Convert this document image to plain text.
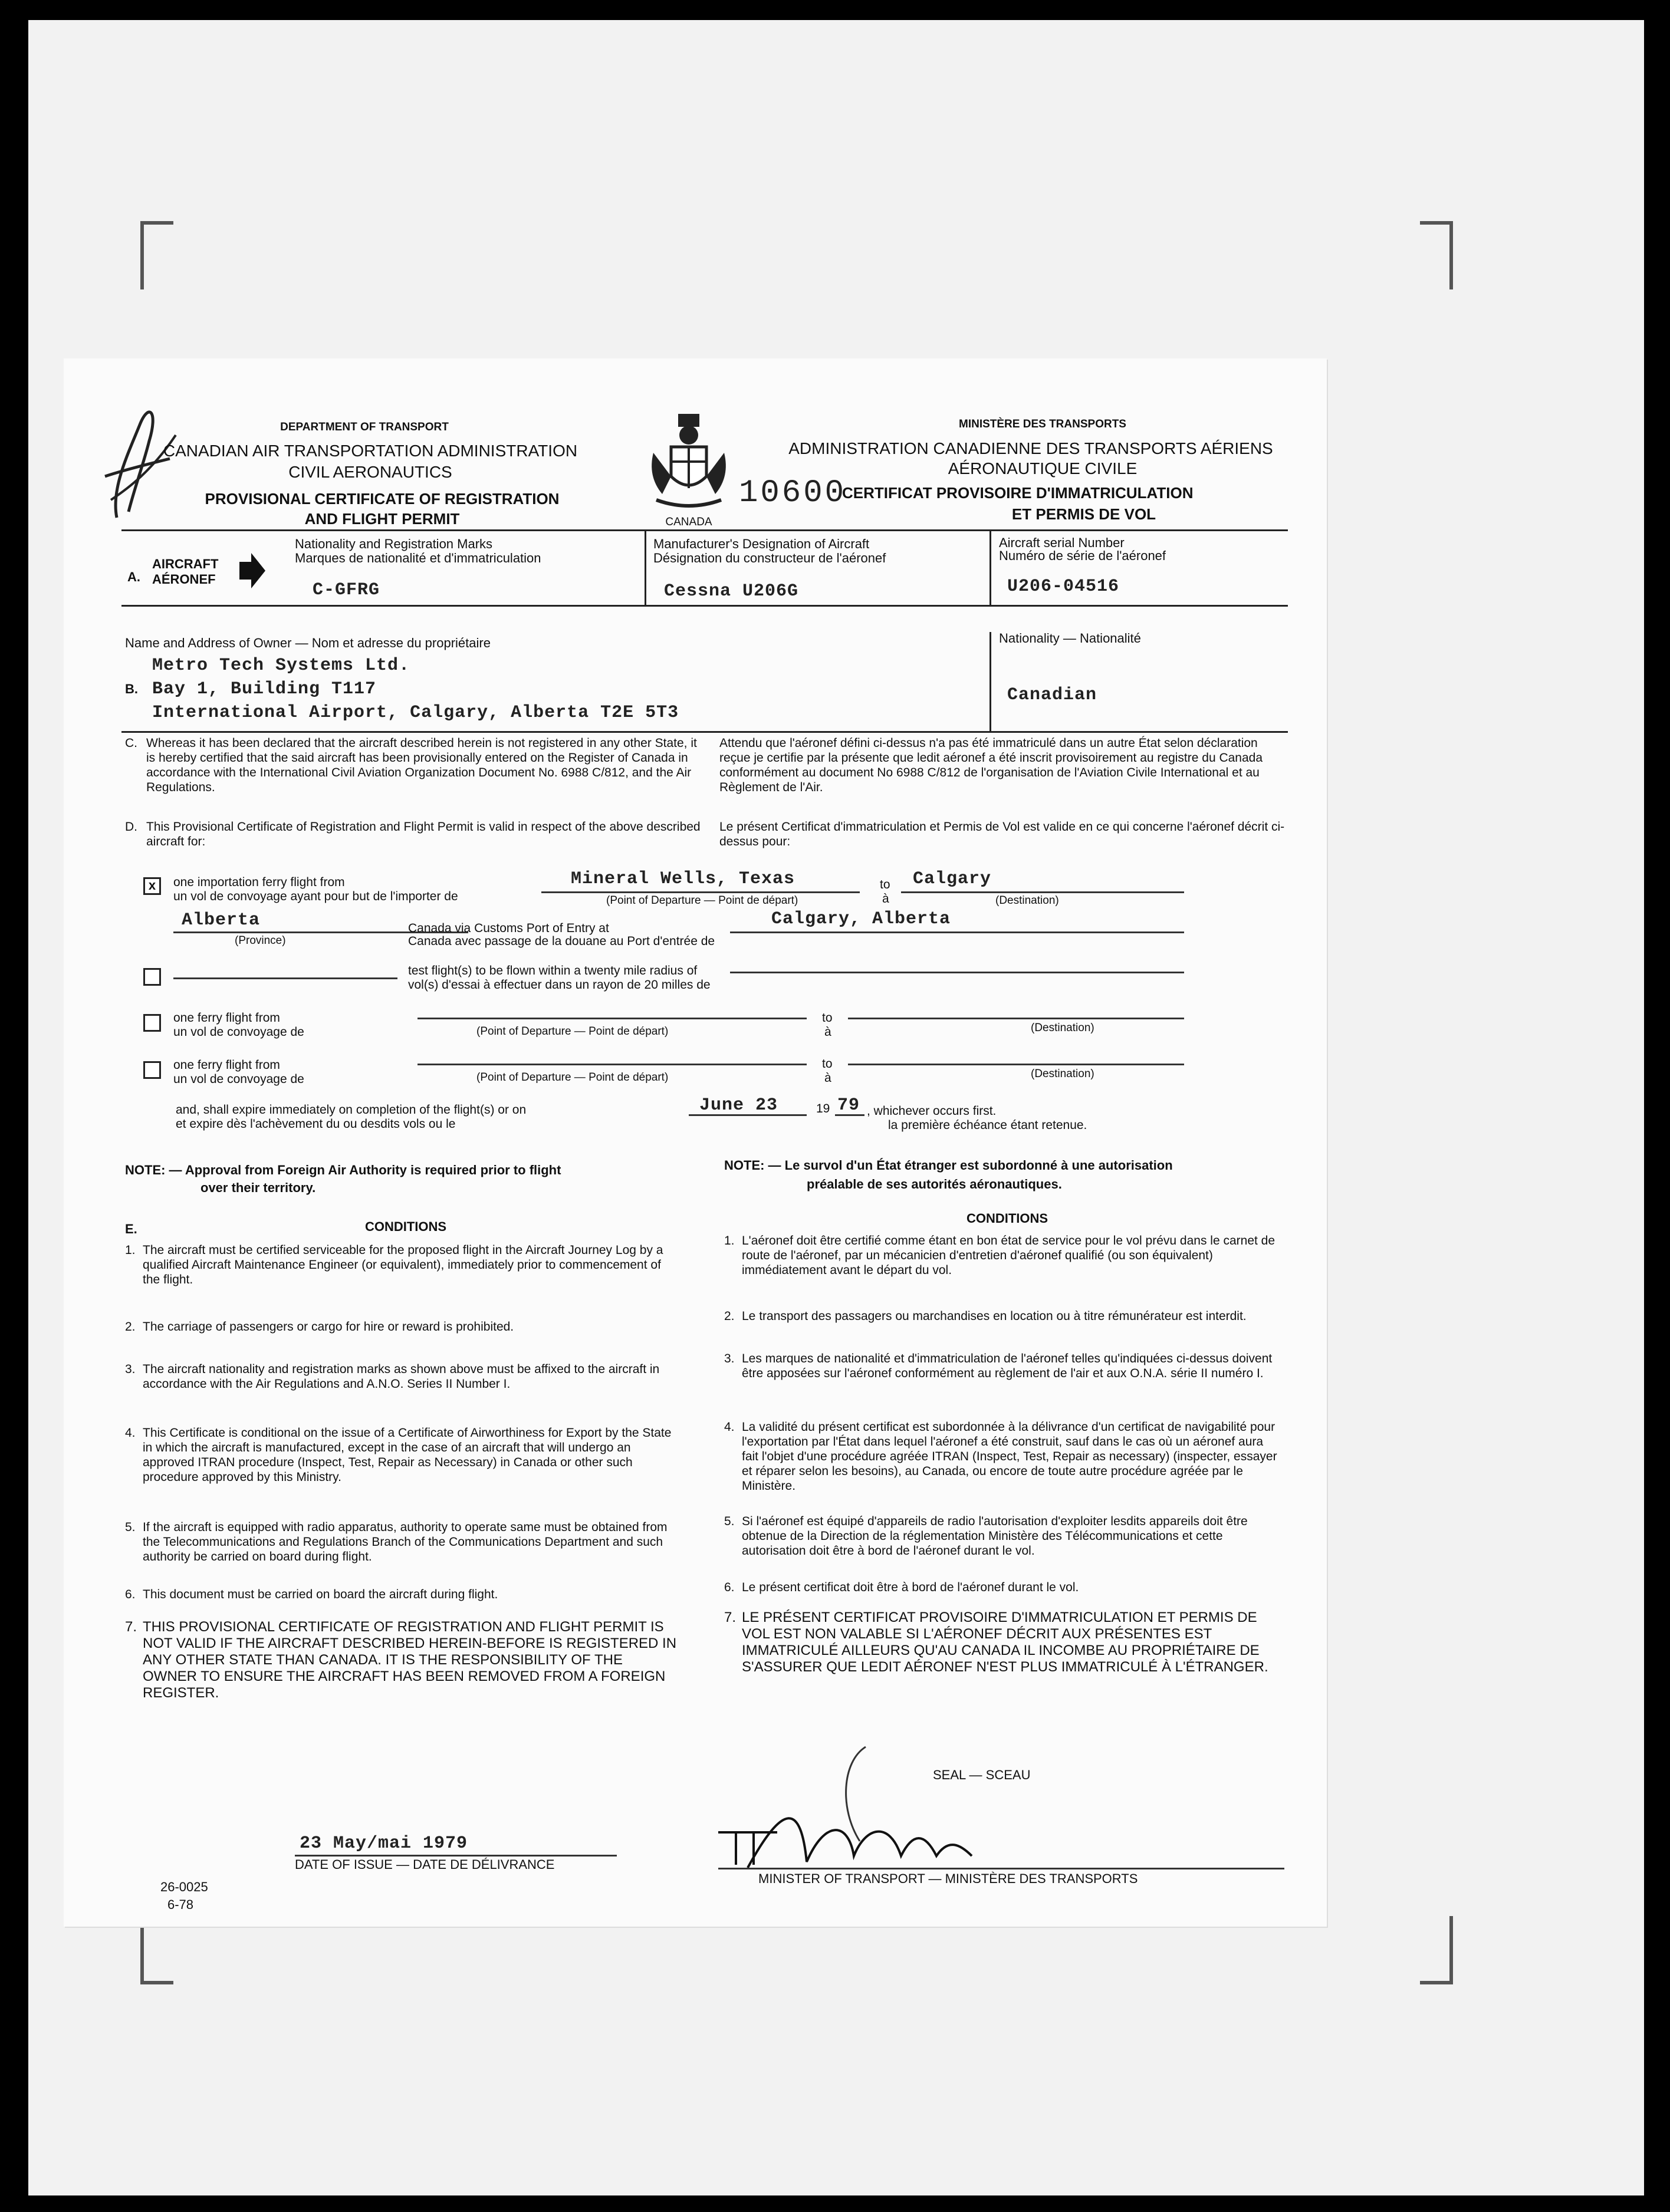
DEPARTMENT OF TRANSPORT
CANADIAN AIR TRANSPORTATION ADMINISTRATION
CIVIL AERONAUTICS
PROVISIONAL CERTIFICATE OF REGISTRATION
AND FLIGHT PERMIT	CANADA
MINISTÈRE DES TRANSPORTS
ADMINISTRATION CANADIENNE DES TRANSPORTS AÉRIENS
AÉRONAUTIQUE CIVILE
10600
CERTIFICAT PROVISOIRE D'IMMATRICULATION
ET PERMIS DE VOL
A.
AIRCRAFT
AÉRONEF
Nationality and Registration Marks
Marques de nationalité et d'immatriculation
C-GFRG
Manufacturer's Designation of Aircraft
Désignation du constructeur de l'aéronef
Cessna U206G
Aircraft serial Number
Numéro de série de l'aéronef
U206-04516
Name and Address of Owner — Nom et adresse du propriétaire	Nationality — Nationalité
B.
Metro Tech Systems Ltd.
Bay 1, Building T117
International Airport, Calgary, Alberta T2E 5T3
Canadian
C. Whereas it has been declared that the aircraft described herein is not registered in any other State, it is hereby certified that the said aircraft has been provisionally entered on the Register of Canada in accordance with the International Civil Aviation Organization Document No. 6988 C/812, and the Air Regulations.
Attendu que l'aéronef défini ci-dessus n'a pas été immatriculé dans un autre État selon déclaration reçue je certifie par la présente que ledit aéronef a été inscrit provisoirement au registre du Canada conformément au document No 6988 C/812 de l'organisation de l'Aviation Civile International et au Règlement de l'Air.
D. This Provisional Certificate of Registration and Flight Permit is valid in respect of the above described aircraft for:
Le présent Certificat d'immatriculation et Permis de Vol est valide en ce qui concerne l'aéronef décrit ci-dessus pour:
x	one importation ferry flight from
un vol de convoyage ayant pour but de l'importer de
Mineral Wells, Texas
(Point of Departure — Point de départ)
to
à
Calgary
(Destination)
Alberta
(Province)
Canada via Customs Port of Entry at
Canada avec passage de la douane au Port d'entrée de
Calgary, Alberta
test flight(s) to be flown within a twenty mile radius of
vol(s) d'essai à effectuer dans un rayon de 20 milles de
one ferry flight from
un vol de convoyage de	(Point of Departure — Point de départ)
to
à	(Destination)
one ferry flight from
un vol de convoyage de	(Point of Departure — Point de départ)
to
à	(Destination)
and, shall expire immediately on completion of the flight(s) or on
et expire dès l'achèvement du ou desdits vols ou le
June 23	19 79 , whichever occurs first.
la première échéance étant retenue.
NOTE: — Approval from Foreign Air Authority is required prior to flight
over their territory.
NOTE: — Le survol d'un État étranger est subordonné à une autorisation
préalable de ses autorités aéronautiques.
E.	CONDITIONS
CONDITIONS
1. The aircraft must be certified serviceable for the proposed flight in the Aircraft Journey Log by a qualified Aircraft Maintenance Engineer (or equivalent), immediately prior to commencement of the flight.
2. The carriage of passengers or cargo for hire or reward is prohibited.
3. The aircraft nationality and registration marks as shown above must be affixed to the aircraft in accordance with the Air Regulations and A.N.O. Series II Number I.
4. This Certificate is conditional on the issue of a Certificate of Airworthiness for Export by the State in which the aircraft is manufactured, except in the case of an aircraft that will undergo an approved ITRAN procedure (Inspect, Test, Repair as Necessary) in Canada or other such procedure approved by this Ministry.
5. If the aircraft is equipped with radio apparatus, authority to operate same must be obtained from the Telecommunications and Regulations Branch of the Communications Department and such authority be carried on board during flight.
6. This document must be carried on board the aircraft during flight.
7. THIS PROVISIONAL CERTIFICATE OF REGISTRATION AND FLIGHT PERMIT IS NOT VALID IF THE AIRCRAFT DESCRIBED HEREIN-BEFORE IS REGISTERED IN ANY OTHER STATE THAN CANADA. IT IS THE RESPONSIBILITY OF THE OWNER TO ENSURE THE AIRCRAFT HAS BEEN REMOVED FROM A FOREIGN REGISTER.
1. L'aéronef doit être certifié comme étant en bon état de service pour le vol prévu dans le carnet de route de l'aéronef, par un mécanicien d'entretien d'aéronef qualifié (ou son équivalent) immédiatement avant le départ du vol.
2. Le transport des passagers ou marchandises en location ou à titre rémunérateur est interdit.
3. Les marques de nationalité et d'immatriculation de l'aéronef telles qu'indiquées ci-dessus doivent être apposées sur l'aéronef conformément au règlement de l'air et aux O.N.A. série II numéro I.
4. La validité du présent certificat est subordonnée à la délivrance d'un certificat de navigabilité pour l'exportation par l'État dans lequel l'aéronef a été construit, sauf dans le cas où un aéronef aura fait l'objet d'une procédure agréée ITRAN (Inspect, Test, Repair as necessary) (inspecter, essayer et réparer selon les besoins), au Canada, ou encore de toute autre procédure agréée par le Ministère.
5. Si l'aéronef est équipé d'appareils de radio l'autorisation d'exploiter lesdits appareils doit être obtenue de la Direction de la réglementation Ministère des Télécommunications et cette autorisation doit être à bord de l'aéronef durant le vol.
6. Le présent certificat doit être à bord de l'aéronef durant le vol.
7. LE PRÉSENT CERTIFICAT PROVISOIRE D'IMMATRICULATION ET PERMIS DE VOL EST NON VALABLE SI L'AÉRONEF DÉCRIT AUX PRÉSENTES EST IMMATRICULÉ AILLEURS QU'AU CANADA IL INCOMBE AU PROPRIÉTAIRE DE S'ASSURER QUE LEDIT AÉRONEF N'EST PLUS IMMATRICULÉ À L'ÉTRANGER.
SEAL — SCEAU
23 May/mai 1979
DATE OF ISSUE — DATE DE DÉLIVRANCE
MINISTER OF TRANSPORT — MINISTÈRE DES TRANSPORTS
26-0025
6-78
